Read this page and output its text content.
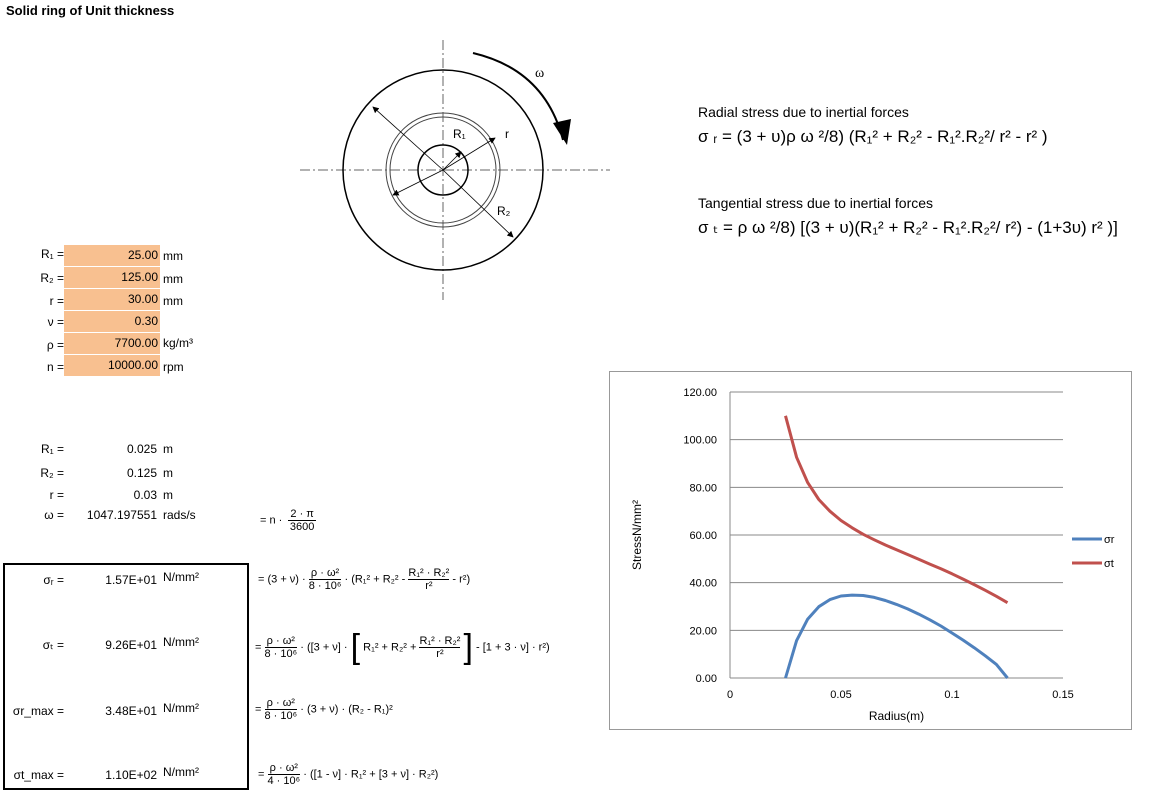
Solid ring of Unit thickness
ω
R₁	r
R₂
Radial stress due to inertial forces
σ ᵣ = (3 + υ)ρ ω ²/8) (R₁² + R₂² - R₁².R₂²/ r² - r² )
Tangential stress due to inertial forces
σ ₜ = ρ ω ²/8) [(3 + υ)(R₁² + R₂² - R₁².R₂²/ r²) - (1+3υ) r² )]
R₁ =	25.00 mm
R₂ =	125.00 mm
r =	30.00 mm
ν =	0.30
ρ =	7700.00 kg/m³
n =	10000.00 rpm
R₁ =	0.025 m
R₂ =	0.125 m
r =	0.03 m
ω =	1047.197551 rads/s	= $n \cdot \frac{2 \cdot \pi}{3600}$
σᵣ =	1.57E+01 N/mm²
σₜ =	9.26E+01 N/mm²
σr_max =	3.48E+01 N/mm²
σt_max =	1.10E+02 N/mm²
= $(3 + \nu) \cdot \frac{\text{ρ · ω²}}{\text{8 · 10⁶}} \cdot (R_1^2 + R_2^2 - \frac{\text{R₁² · R₂²}}{\text{r²}} - r^2)$
= $\frac{\text{ρ · ω²}}{\text{8 · 10⁶}} \cdot ([3 + \nu]$ · [ $R_1^2 + R_2^2 + \frac{\text{R₁² · R₂²}}{\text{r²}}$ ] - [1 + 3 · ν] · r²)
= $\frac{\text{ρ · ω²}}{\text{8 · 10⁶}} \cdot (3 + \nu) \cdot (R_2 - R_1)^2$
= $\frac{\text{ρ · ω²}}{\text{4 · 10⁶}} \cdot ([1 - \nu] \cdot R_1^2 + [3 + \nu] \cdot R_2^2)$
0.00
20.00
40.00
60.00
80.00
100.00
120.00
0	0.05	0.1	0.15
Radius(m)
StressN/mm²	σr
σt
